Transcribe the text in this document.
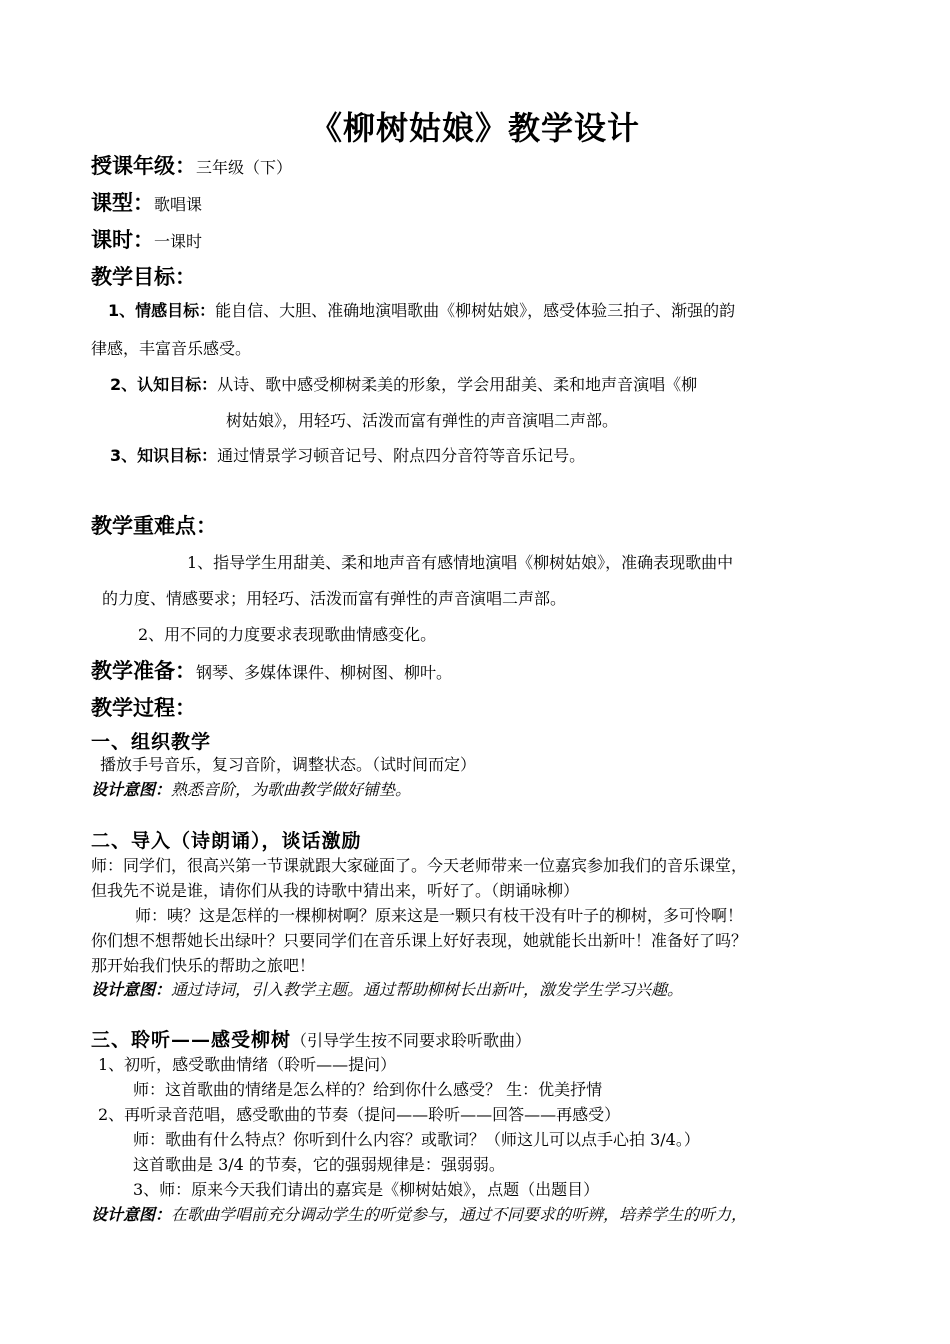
《柳树姑娘》教学设计
授课年级：三年级（下）
课型：歌唱课
课时：一课时
教学目标：
1、情感目标：能自信、大胆、准确地演唱歌曲《柳树姑娘》，感受体验三拍子、渐强的韵
律感，丰富音乐感受。
2、认知目标：从诗、歌中感受柳树柔美的形象，学会用甜美、柔和地声音演唱《柳
树姑娘》，用轻巧、活泼而富有弹性的声音演唱二声部。
3、知识目标：通过情景学习顿音记号、附点四分音符等音乐记号。
教学重难点：
1、指导学生用甜美、柔和地声音有感情地演唱《柳树姑娘》，准确表现歌曲中
的力度、情感要求；用轻巧、活泼而富有弹性的声音演唱二声部。
2、用不同的力度要求表现歌曲情感变化。
教学准备：钢琴、多媒体课件、柳树图、柳叶。
教学过程：
一、组织教学
播放手号音乐，复习音阶，调整状态。（试时间而定）
设计意图：熟悉音阶，为歌曲教学做好铺垫。
二、导入（诗朗诵），谈话激励
师：同学们，很高兴第一节课就跟大家碰面了。今天老师带来一位嘉宾参加我们的音乐课堂，
但我先不说是谁，请你们从我的诗歌中猜出来，听好了。（朗诵咏柳）
师：咦？这是怎样的一棵柳树啊？原来这是一颗只有枝干没有叶子的柳树，多可怜啊！
你们想不想帮她长出绿叶？只要同学们在音乐课上好好表现，她就能长出新叶！准备好了吗？
那开始我们快乐的帮助之旅吧！
设计意图：通过诗词，引入教学主题。通过帮助柳树长出新叶，激发学生学习兴趣。
三、聆听——感受柳树（引导学生按不同要求聆听歌曲）
1、初听，感受歌曲情绪（聆听——提问）
师：这首歌曲的情绪是怎么样的？给到你什么感受？ 生：优美抒情
2、再听录音范唱，感受歌曲的节奏（提问——聆听——回答——再感受）
师：歌曲有什么特点？你听到什么内容？或歌词？（师这儿可以点手心拍 3/4。）
这首歌曲是 3/4 的节奏，它的强弱规律是：强弱弱。
3、师：原来今天我们请出的嘉宾是《柳树姑娘》，点题（出题目）
设计意图：在歌曲学唱前充分调动学生的听觉参与，通过不同要求的听辨，培养学生的听力，
